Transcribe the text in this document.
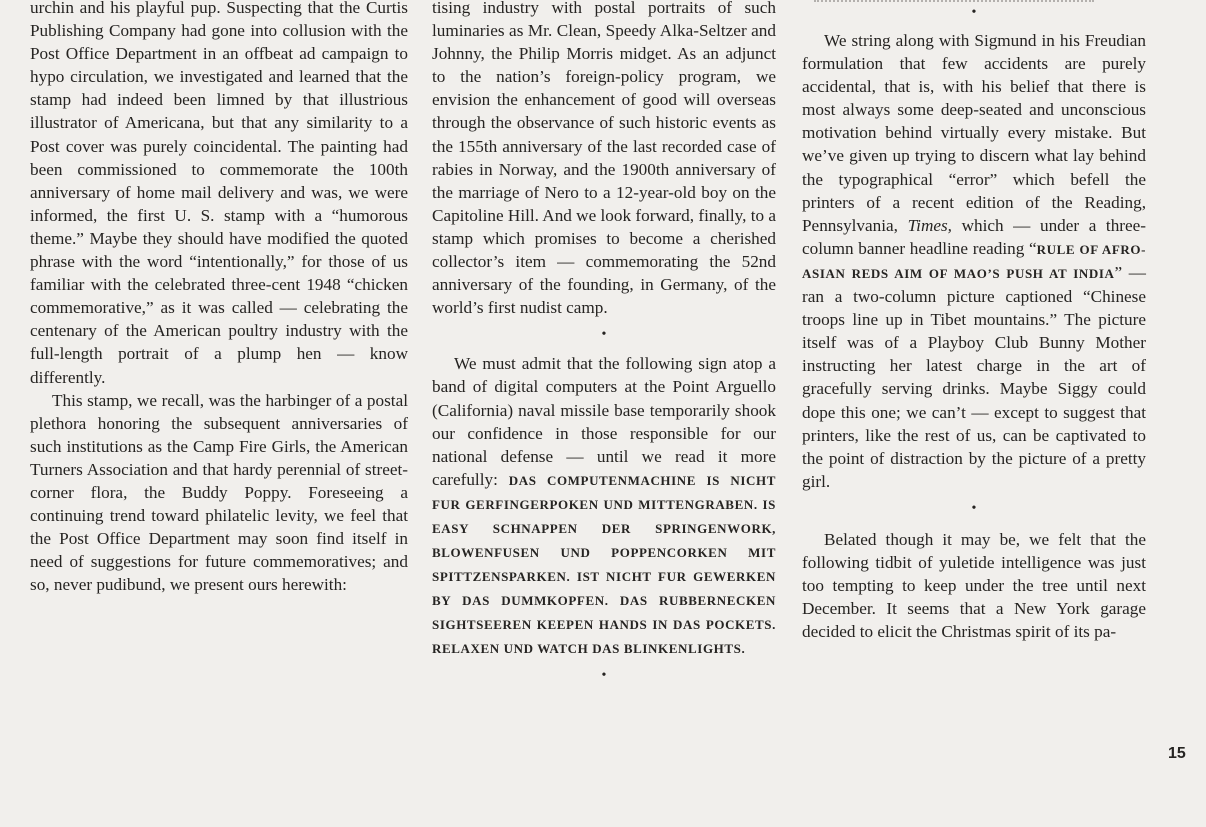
urchin and his playful pup. Suspecting that the Curtis Publishing Company had gone into collusion with the Post Office Department in an offbeat ad campaign to hypo circulation, we investigated and learned that the stamp had indeed been limned by that illustrious illustrator of Americana, but that any similarity to a Post cover was purely coincidental. The painting had been commissioned to commemorate the 100th anniversary of home mail delivery and was, we were informed, the first U. S. stamp with a “humorous theme.” Maybe they should have modified the quoted phrase with the word “intentionally,” for those of us familiar with the celebrated three-cent 1948 “chicken commemorative,” as it was called — celebrating the centenary of the American poultry industry with the full-length portrait of a plump hen — know differently.

This stamp, we recall, was the harbinger of a postal plethora honoring the subsequent anniversaries of such institutions as the Camp Fire Girls, the American Turners Association and that hardy perennial of street-corner flora, the Buddy Poppy. Foreseeing a continuing trend toward philatelic levity, we feel that the Post Office Department may soon find itself in need of suggestions for future commemoratives; and so, never pudibund, we present ours herewith:

tising industry with postal portraits of such luminaries as Mr. Clean, Speedy Alka-Seltzer and Johnny, the Philip Morris midget. As an adjunct to the nation’s foreign-policy program, we envision the enhancement of good will overseas through the observance of such historic events as the 155th anniversary of the last recorded case of rabies in Norway, and the 1900th anniversary of the marriage of Nero to a 12-year-old boy on the Capitoline Hill. And we look forward, finally, to a stamp which promises to become a cherished collector’s item — commemorating the 52nd anniversary of the founding, in Germany, of the world’s first nudist camp.

•

We must admit that the following sign atop a band of digital computers at the Point Arguello (California) naval missile base temporarily shook our confidence in those responsible for our national defense — until we read it more carefully: DAS COMPUTENMACHINE IS NICHT FUR GERFINGERPOKEN UND MITTENGRABEN. IS EASY SCHNAPPEN DER SPRINGENWORK, BLOWENFUSEN UND POPPENCORKEN MIT SPITTZENSPARKEN. IST NICHT FUR GEWERKEN BY DAS DUMMKOPFEN. DAS RUBBERNECKEN SIGHTSEEREN KEEPEN HANDS IN DAS POCKETS. RELAXEN UND WATCH DAS BLINKENLIGHTS.

•
•

We string along with Sigmund in his Freudian formulation that few accidents are purely accidental, that is, with his belief that there is most always some deep-seated and unconscious motivation behind virtually every mistake. But we’ve given up trying to discern what lay behind the typographical “error” which befell the printers of a recent edition of the Reading, Pennsylvania, Times, which — under a three-column banner headline reading “RULE OF AFRO-ASIAN REDS AIM OF MAO’S PUSH AT INDIA” — ran a two-column picture captioned “Chinese troops line up in Tibet mountains.” The picture itself was of a Playboy Club Bunny Mother instructing her latest charge in the art of gracefully serving drinks. Maybe Siggy could dope this one; we can’t — except to suggest that printers, like the rest of us, can be captivated to the point of distraction by the picture of a pretty girl.

•

Belated though it may be, we felt that the following tidbit of yuletide intelligence was just too tempting to keep under the tree until next December. It seems that a New York garage decided to elicit the Christmas spirit of its pa-

15
